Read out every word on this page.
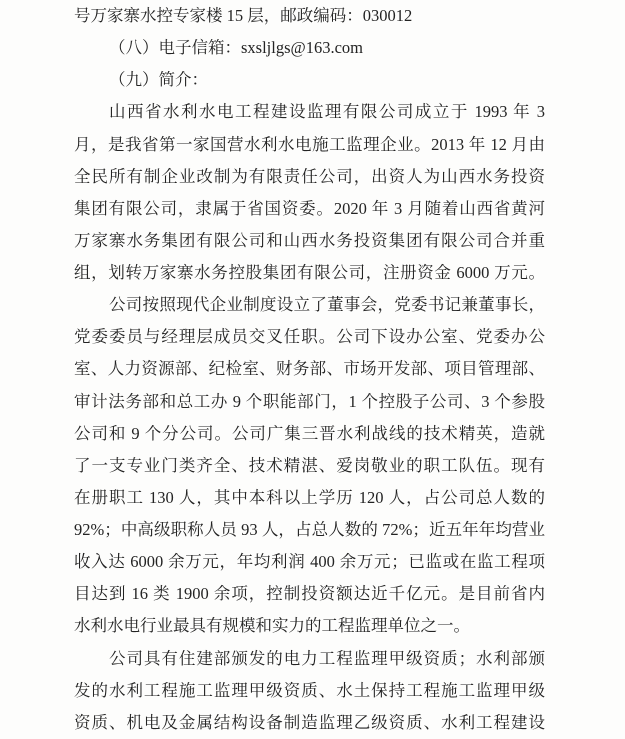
号万家寨水控专家楼 15 层，邮政编码：030012
（八）电子信箱：sxsljlgs@163.com
（九）简介：
山西省水利水电工程建设监理有限公司成立于 1993 年 3
月，是我省第一家国营水利水电施工监理企业。2013 年 12 月由
全民所有制企业改制为有限责任公司，出资人为山西水务投资
集团有限公司，隶属于省国资委。2020 年 3 月随着山西省黄河
万家寨水务集团有限公司和山西水务投资集团有限公司合并重
组，划转万家寨水务控股集团有限公司，注册资金 6000 万元。
公司按照现代企业制度设立了董事会，党委书记兼董事长，
党委委员与经理层成员交叉任职。公司下设办公室、党委办公
室、人力资源部、纪检室、财务部、市场开发部、项目管理部、
审计法务部和总工办 9 个职能部门，1 个控股子公司、3 个参股
公司和 9 个分公司。公司广集三晋水利战线的技术精英，造就
了一支专业门类齐全、技术精湛、爱岗敬业的职工队伍。现有
在册职工 130 人，其中本科以上学历 120 人，占公司总人数的
92%；中高级职称人员 93 人，占总人数的 72%；近五年年均营业
收入达 6000 余万元，年均利润 400 余万元；已监或在监工程项
目达到 16 类 1900 余项，控制投资额达近千亿元。是目前省内
水利水电行业最具有规模和实力的工程监理单位之一。
公司具有住建部颁发的电力工程监理甲级资质；水利部颁
发的水利工程施工监理甲级资质、水土保持工程施工监理甲级
资质、机电及金属结构设备制造监理乙级资质、水利工程建设
